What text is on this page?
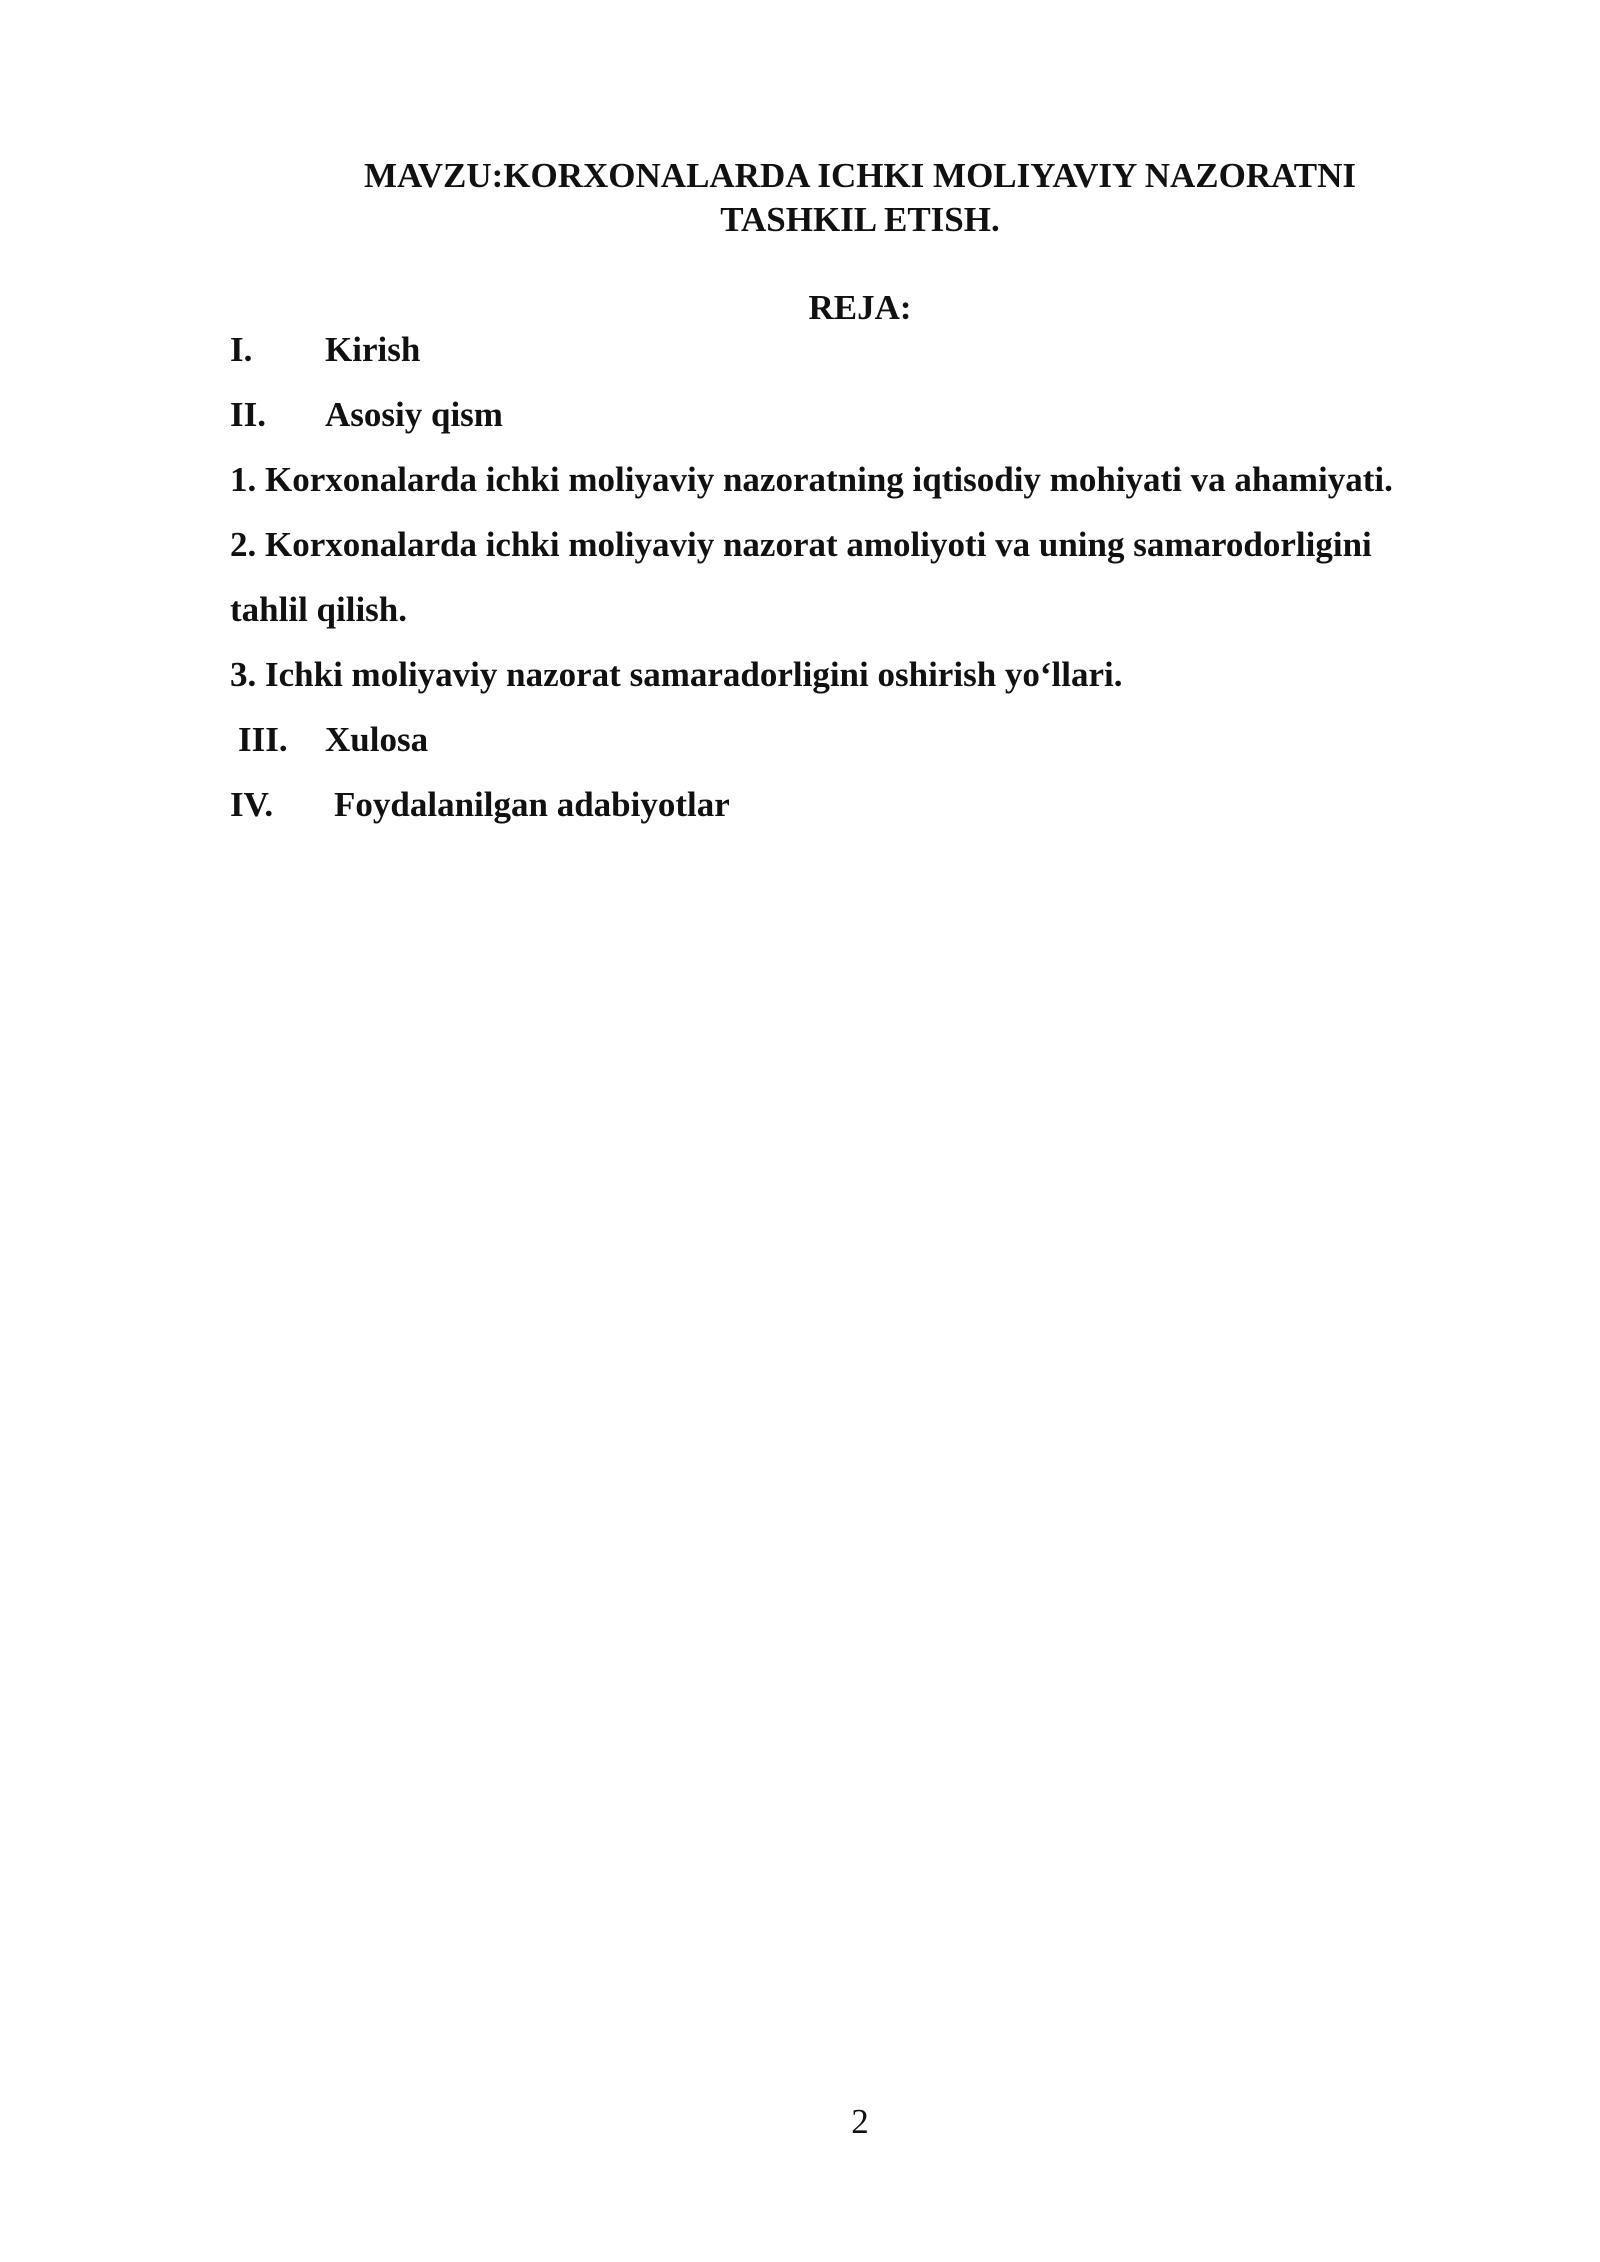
MAVZU:KORXONALARDA ICHKI MOLIYAVIY NAZORATNI
TASHKIL ETISH.
REJA:
I. Kirish
II. Asosiy qism
1. Korxonalarda ichki moliyaviy nazoratning iqtisodiy mohiyati va ahamiyati.
2. Korxonalarda ichki moliyaviy nazorat amoliyoti va uning samarodorligini
tahlil qilish.
3. Ichki moliyaviy nazorat samaradorligini oshirish yo‘llari.
III. Xulosa
IV. Foydalanilgan adabiyotlar
2
